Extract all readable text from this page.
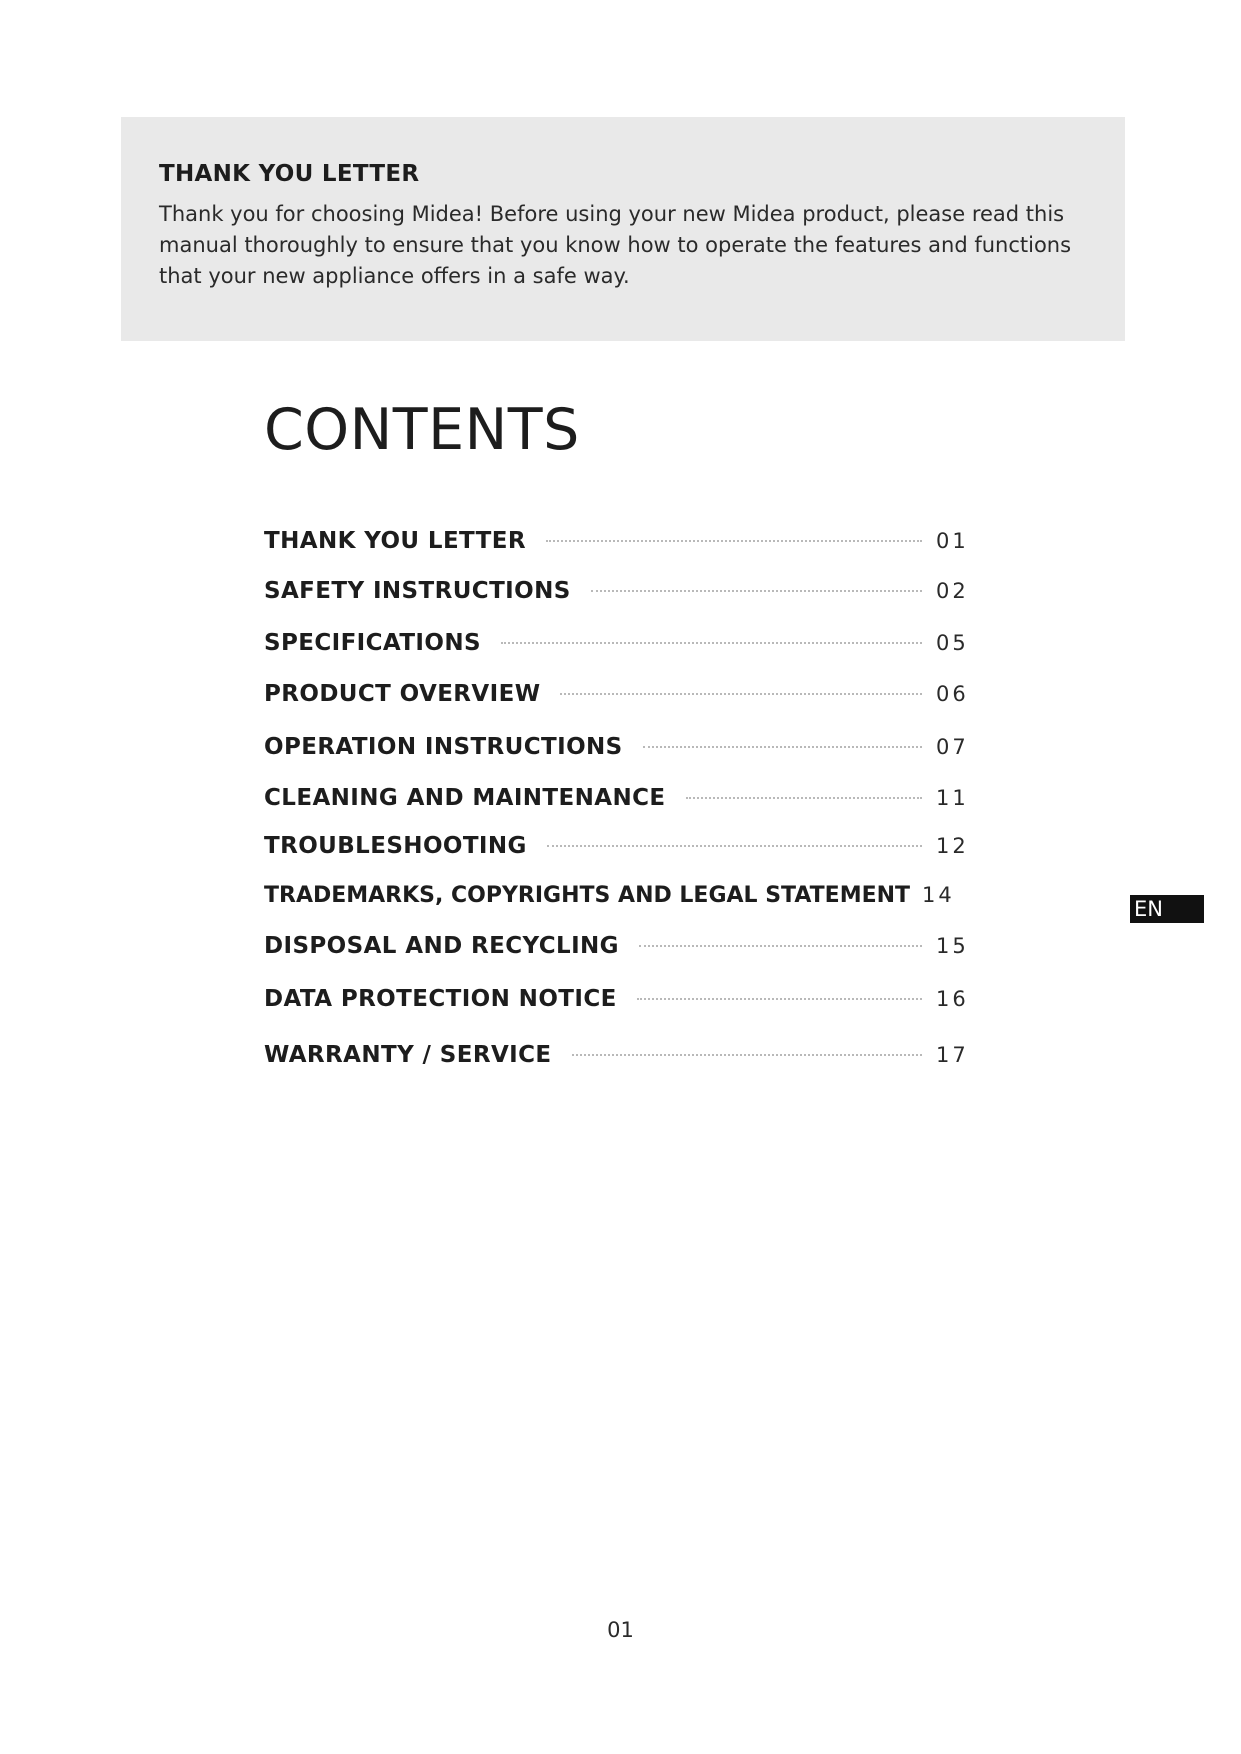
THANK YOU LETTER

Thank you for choosing Midea! Before using your new Midea product, please read this manual thoroughly to ensure that you know how to operate the features and functions that your new appliance offers in a safe way.

CONTENTS
THANK YOU LETTER	01
SAFETY INSTRUCTIONS	02
SPECIFICATIONS	05
PRODUCT OVERVIEW	06
OPERATION INSTRUCTIONS	07
CLEANING AND MAINTENANCE	11
TROUBLESHOOTING	12
TRADEMARKS, COPYRIGHTS AND LEGAL STATEMENT 14
DISPOSAL AND RECYCLING	15
DATA PROTECTION NOTICE	16
WARRANTY / SERVICE	17
EN
01
